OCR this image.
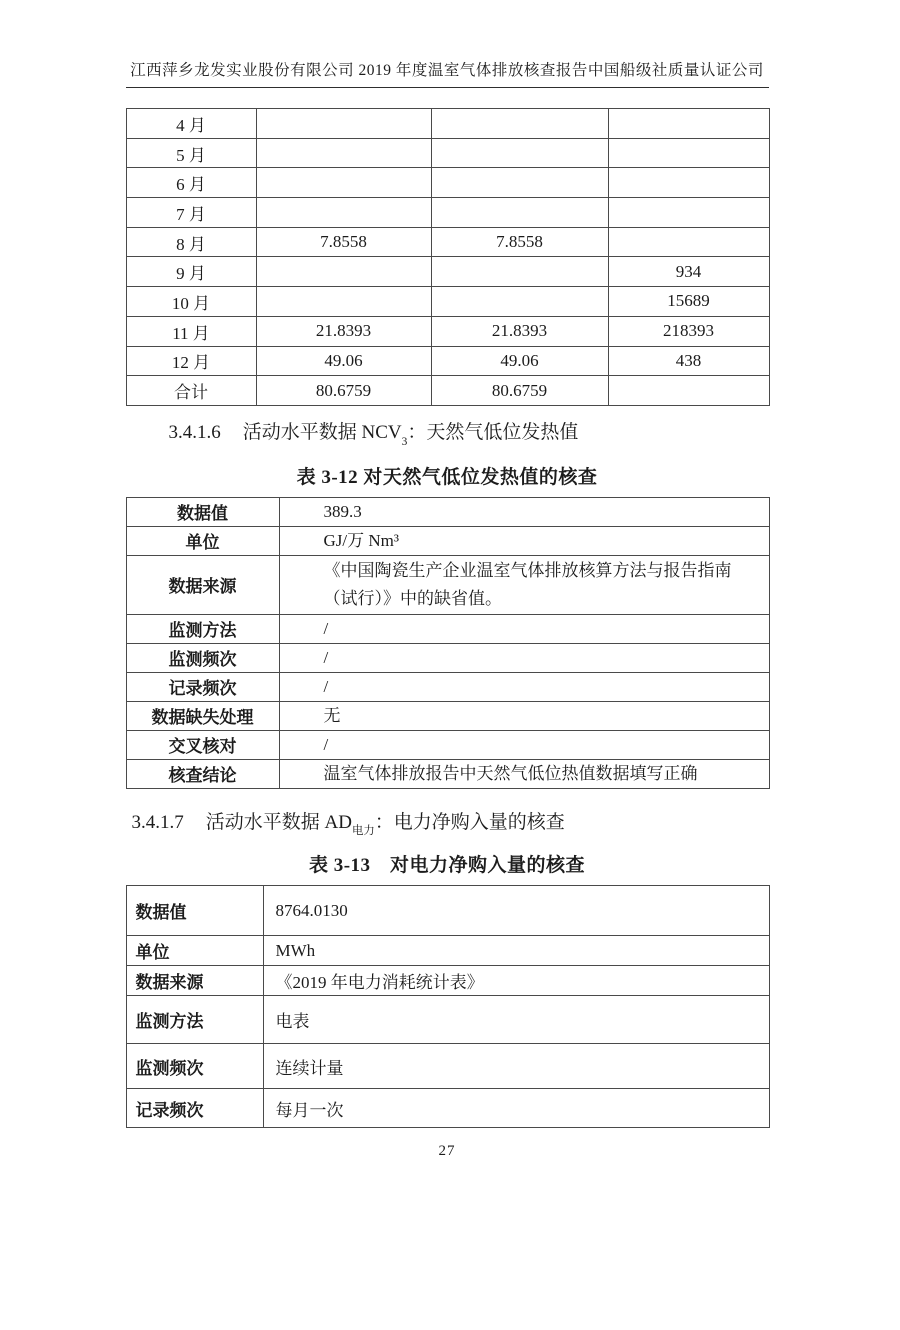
江西萍乡龙发实业股份有限公司 2019 年度温室气体排放核查报告中国船级社质量认证公司
4 月			
5 月			
6 月			
7 月			
8 月	7.8558	7.8558	
9 月			934
10 月			15689
11 月	21.8393	21.8393	218393
12 月	49.06	49.06	438
合计	80.6759	80.6759	
3.4.1.6 活动水平数据 $NCV_3$：天然气低位发热值
表 3-12 对天然气低位发热值的核查
数据值	389.3
单位	GJ/万 Nm³
数据来源	《中国陶瓷生产企业温室气体排放核算方法与报告指南（试行）》中的缺省值。
监测方法	/
监测频次	/
记录频次	/
数据缺失处理	无
交叉核对	/
核查结论	温室气体排放报告中天然气低位热值数据填写正确
3.4.1.7 活动水平数据 $AD_{电力}$：电力净购入量的核查
表 3-13　对电力净购入量的核查
数据值	8764.0130
单位	MWh
数据来源	《2019 年电力消耗统计表》
监测方法	电表
监测频次	连续计量
记录频次	每月一次
27
